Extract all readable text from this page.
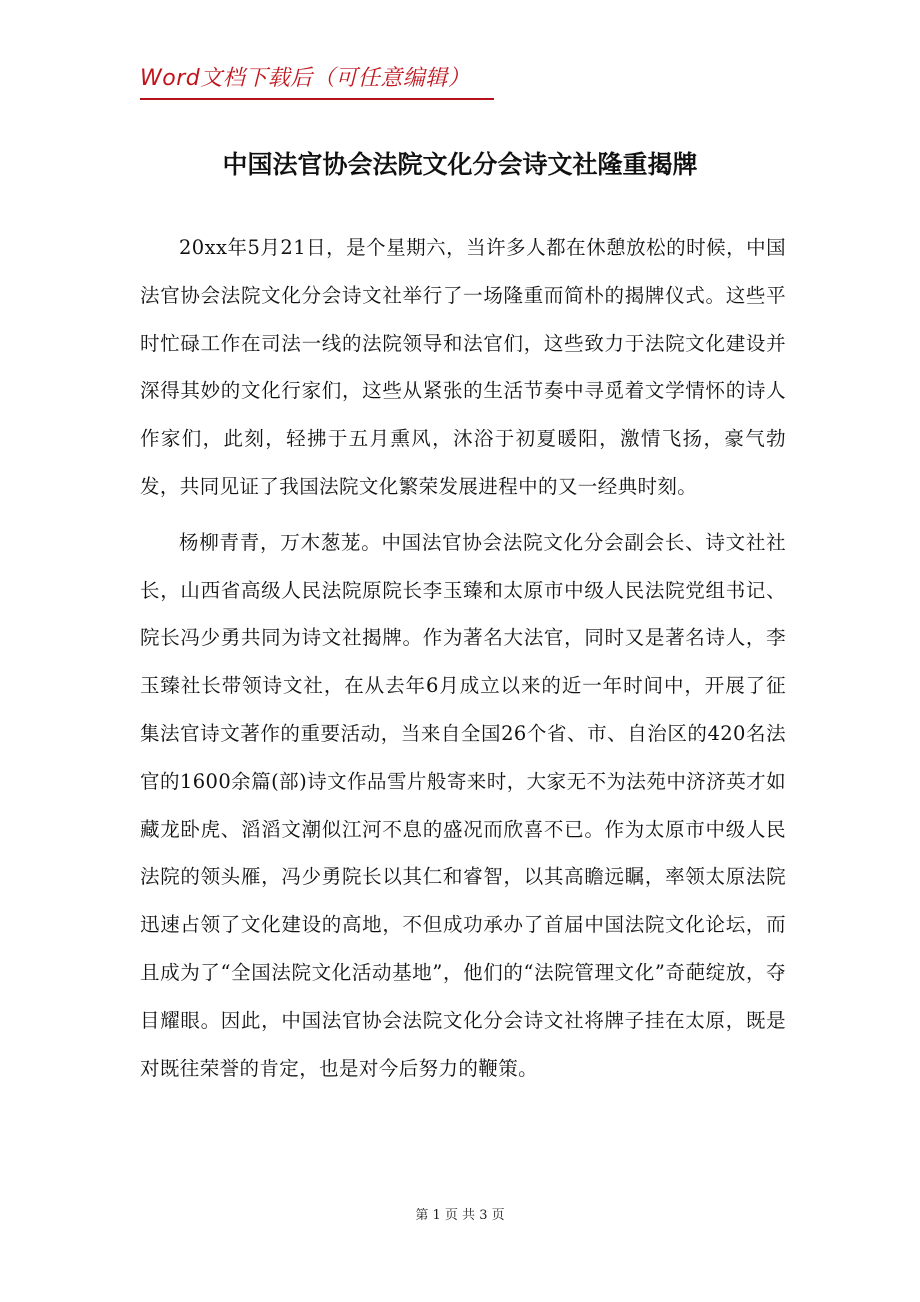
Word文档下载后（可任意编辑）
中国法官协会法院文化分会诗文社隆重揭牌

20xx年5月21日，是个星期六，当许多人都在休憩放松的时候，中国法官协会法院文化分会诗文社举行了一场隆重而简朴的揭牌仪式。这些平时忙碌工作在司法一线的法院领导和法官们，这些致力于法院文化建设并深得其妙的文化行家们，这些从紧张的生活节奏中寻觅着文学情怀的诗人作家们，此刻，轻拂于五月熏风，沐浴于初夏暖阳，激情飞扬，豪气勃发，共同见证了我国法院文化繁荣发展进程中的又一经典时刻。

杨柳青青，万木葱茏。中国法官协会法院文化分会副会长、诗文社社长，山西省高级人民法院原院长李玉臻和太原市中级人民法院党组书记、院长冯少勇共同为诗文社揭牌。作为著名大法官，同时又是著名诗人，李玉臻社长带领诗文社，在从去年6月成立以来的近一年时间中，开展了征集法官诗文著作的重要活动，当来自全国26个省、市、自治区的420名法官的1600余篇(部)诗文作品雪片般寄来时，大家无不为法苑中济济英才如藏龙卧虎、滔滔文潮似江河不息的盛况而欣喜不已。作为太原市中级人民法院的领头雁，冯少勇院长以其仁和睿智，以其高瞻远瞩，率领太原法院迅速占领了文化建设的高地，不但成功承办了首届中国法院文化论坛，而且成为了“全国法院文化活动基地”，他们的“法院管理文化”奇葩绽放，夺目耀眼。因此，中国法官协会法院文化分会诗文社将牌子挂在太原，既是对既往荣誉的肯定，也是对今后努力的鞭策。

第 1 页 共 3 页
